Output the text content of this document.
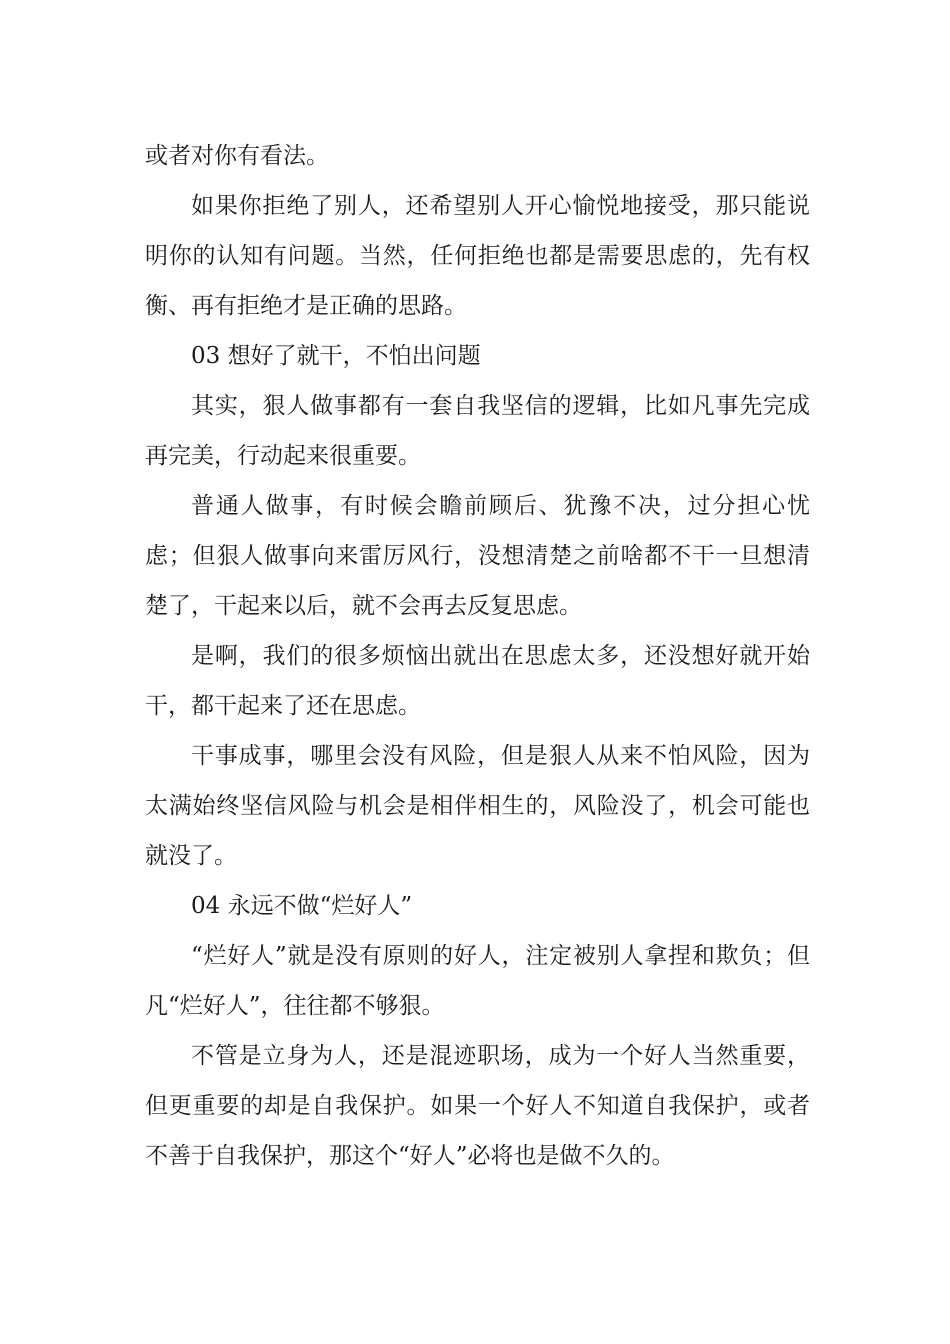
或者对你有看法。

如果你拒绝了别人，还希望别人开心愉悦地接受，那只能说明你的认知有问题。当然，任何拒绝也都是需要思虑的，先有权衡、再有拒绝才是正确的思路。

03 想好了就干，不怕出问题

其实，狠人做事都有一套自我坚信的逻辑，比如凡事先完成再完美，行动起来很重要。

普通人做事，有时候会瞻前顾后、犹豫不决，过分担心忧虑；但狠人做事向来雷厉风行，没想清楚之前啥都不干一旦想清楚了，干起来以后，就不会再去反复思虑。

是啊，我们的很多烦恼出就出在思虑太多，还没想好就开始干，都干起来了还在思虑。

干事成事，哪里会没有风险，但是狠人从来不怕风险，因为太满始终坚信风险与机会是相伴相生的，风险没了，机会可能也就没了。

04 永远不做“烂好人”

“烂好人”就是没有原则的好人，注定被别人拿捏和欺负；但凡“烂好人”，往往都不够狠。

不管是立身为人，还是混迹职场，成为一个好人当然重要，但更重要的却是自我保护。如果一个好人不知道自我保护，或者不善于自我保护，那这个“好人”必将也是做不久的。
